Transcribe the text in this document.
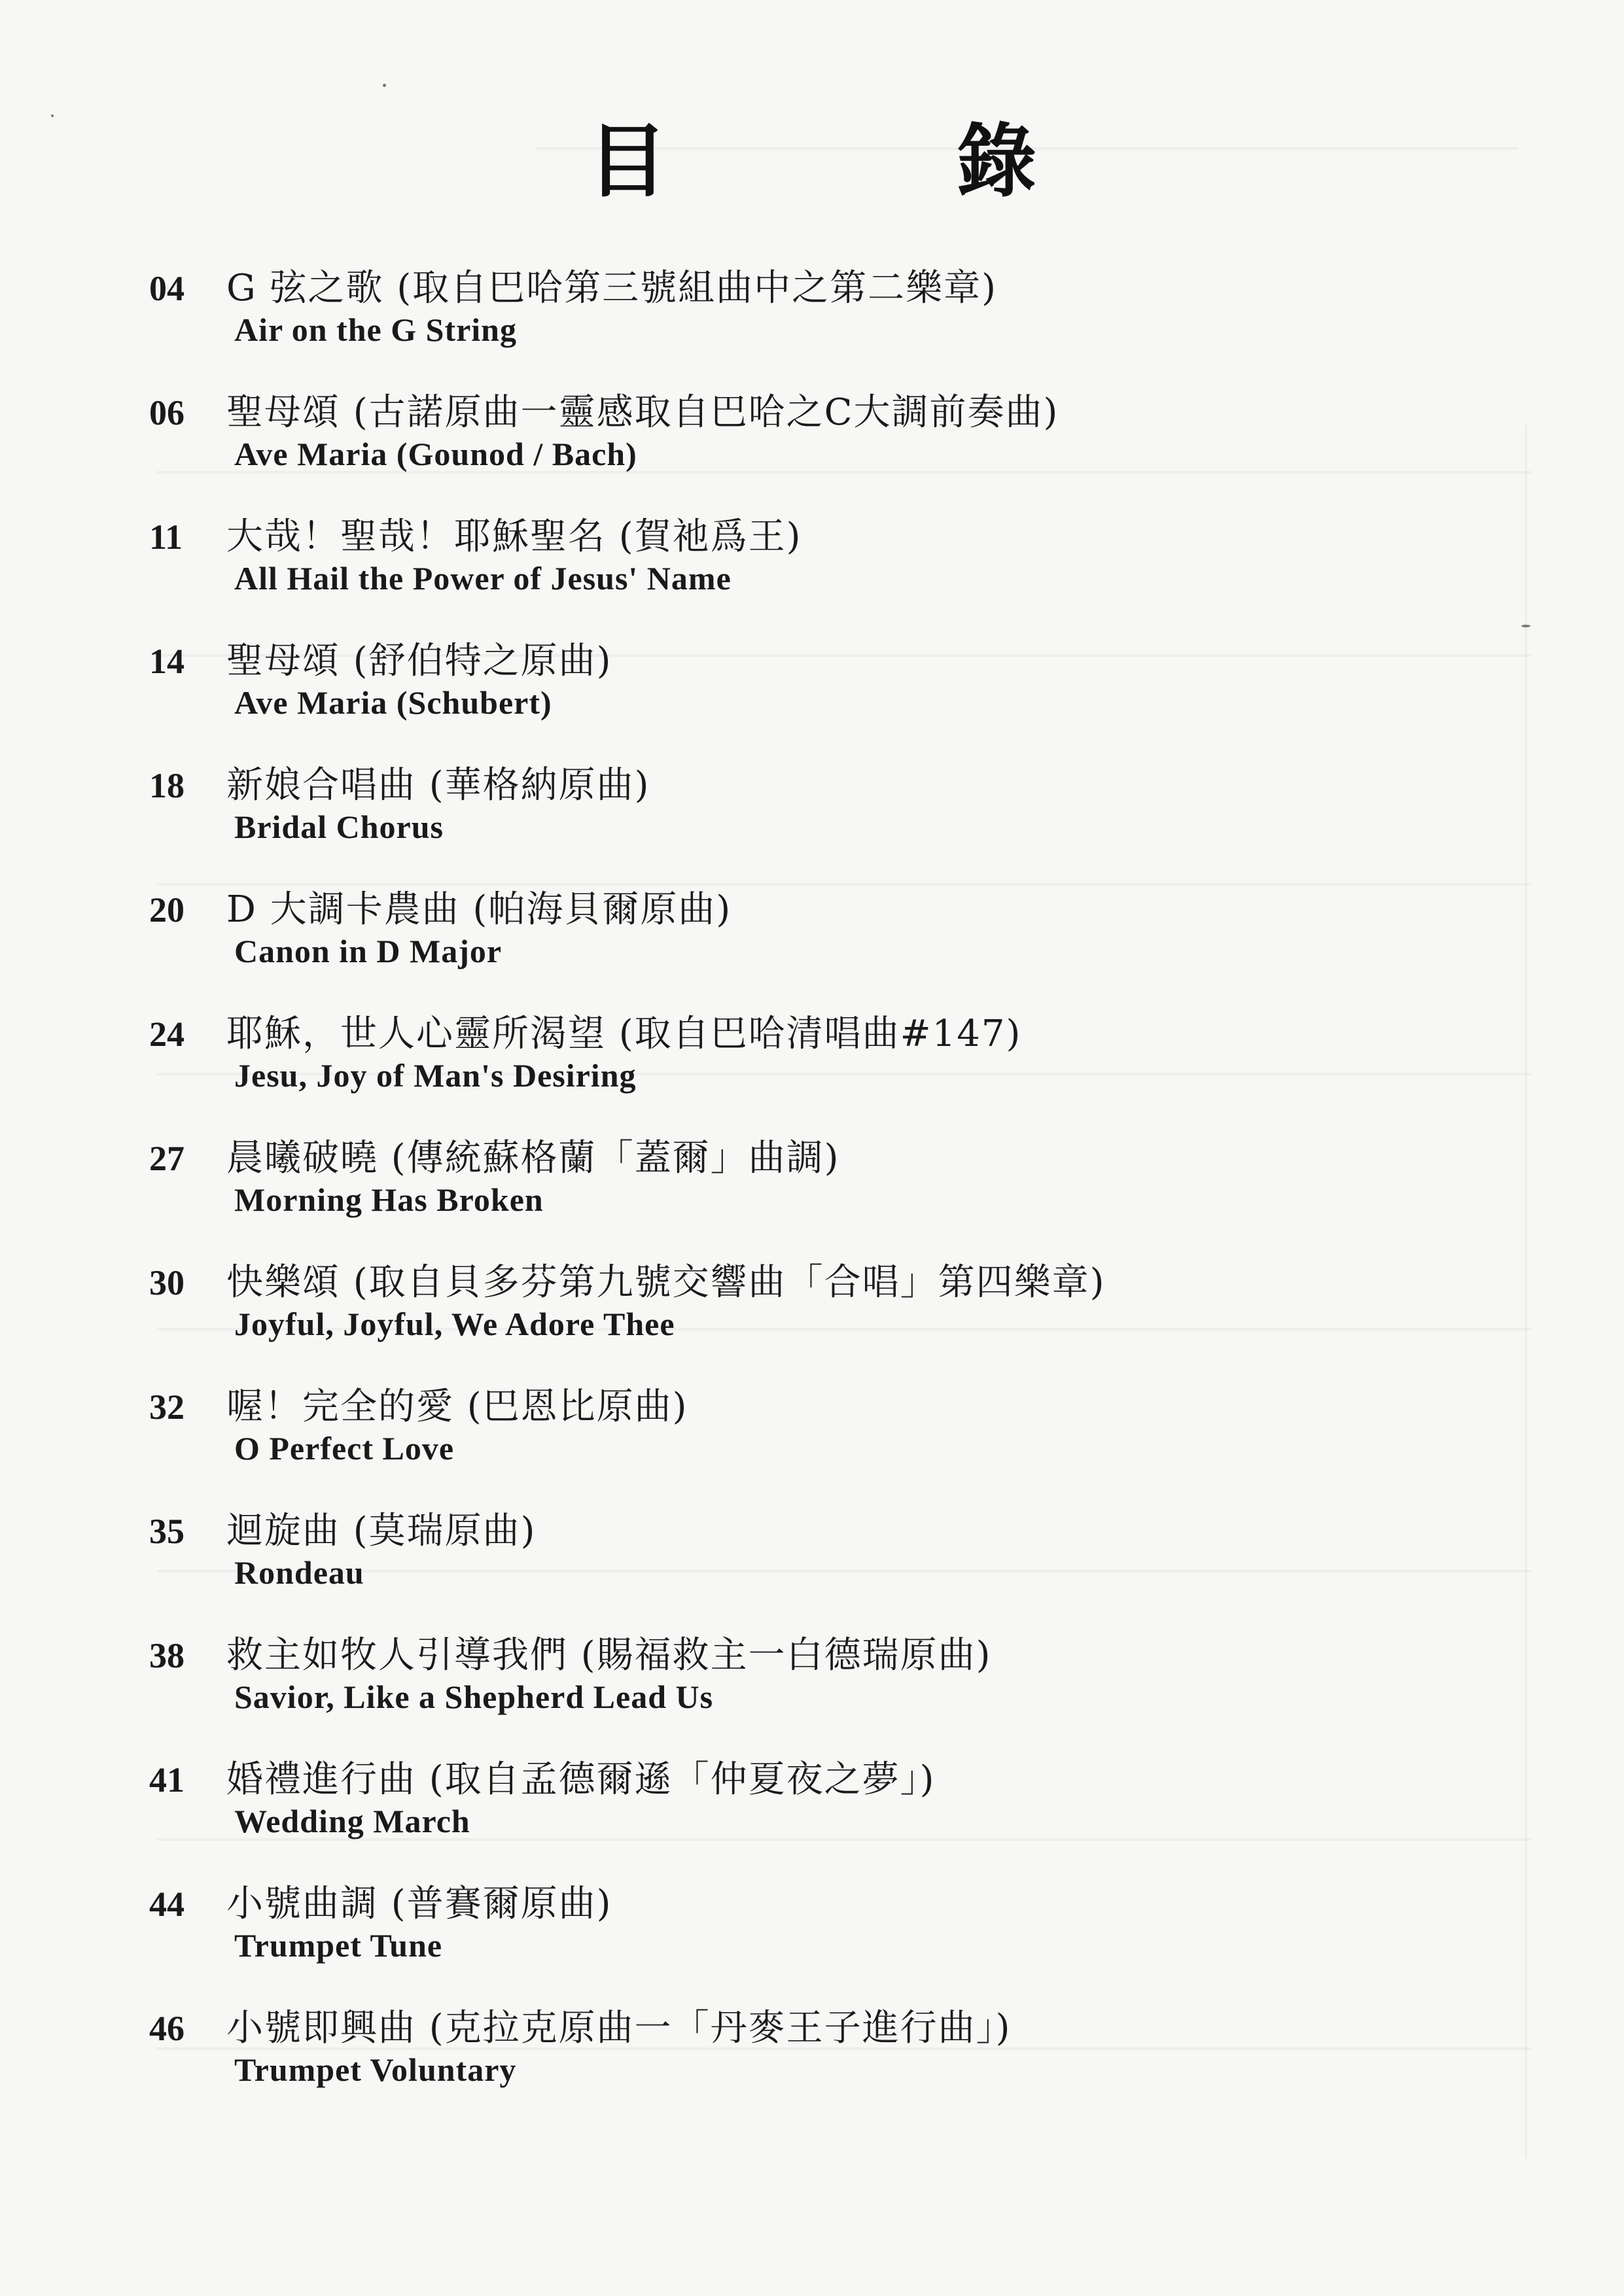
目　錄
04	G 弦之歌 (取自巴哈第三號組曲中之第二樂章)
Air on the G String
06	聖母頌 (古諾原曲一靈感取自巴哈之C大調前奏曲)
Ave Maria (Gounod / Bach)
11	大哉！聖哉！耶穌聖名 (賀祂爲王)
All Hail the Power of Jesus' Name
14	聖母頌 (舒伯特之原曲)
Ave Maria (Schubert)
18	新娘合唱曲 (華格納原曲)
Bridal Chorus
20	D 大調卡農曲 (帕海貝爾原曲)
Canon in D Major
24	耶穌，世人心靈所渴望 (取自巴哈清唱曲#147)
Jesu, Joy of Man's Desiring
27	晨曦破曉 (傳統蘇格蘭「蓋爾」曲調)
Morning Has Broken
30	快樂頌 (取自貝多芬第九號交響曲「合唱」第四樂章)
Joyful, Joyful, We Adore Thee
32	喔！完全的愛 (巴恩比原曲)
O Perfect Love
35	迴旋曲 (莫瑞原曲)
Rondeau
38	救主如牧人引導我們 (賜福救主一白德瑞原曲)
Savior, Like a Shepherd Lead Us
41	婚禮進行曲 (取自孟德爾遜「仲夏夜之夢」)
Wedding March
44	小號曲調 (普賽爾原曲)
Trumpet Tune
46	小號即興曲 (克拉克原曲一「丹麥王子進行曲」)
Trumpet Voluntary
